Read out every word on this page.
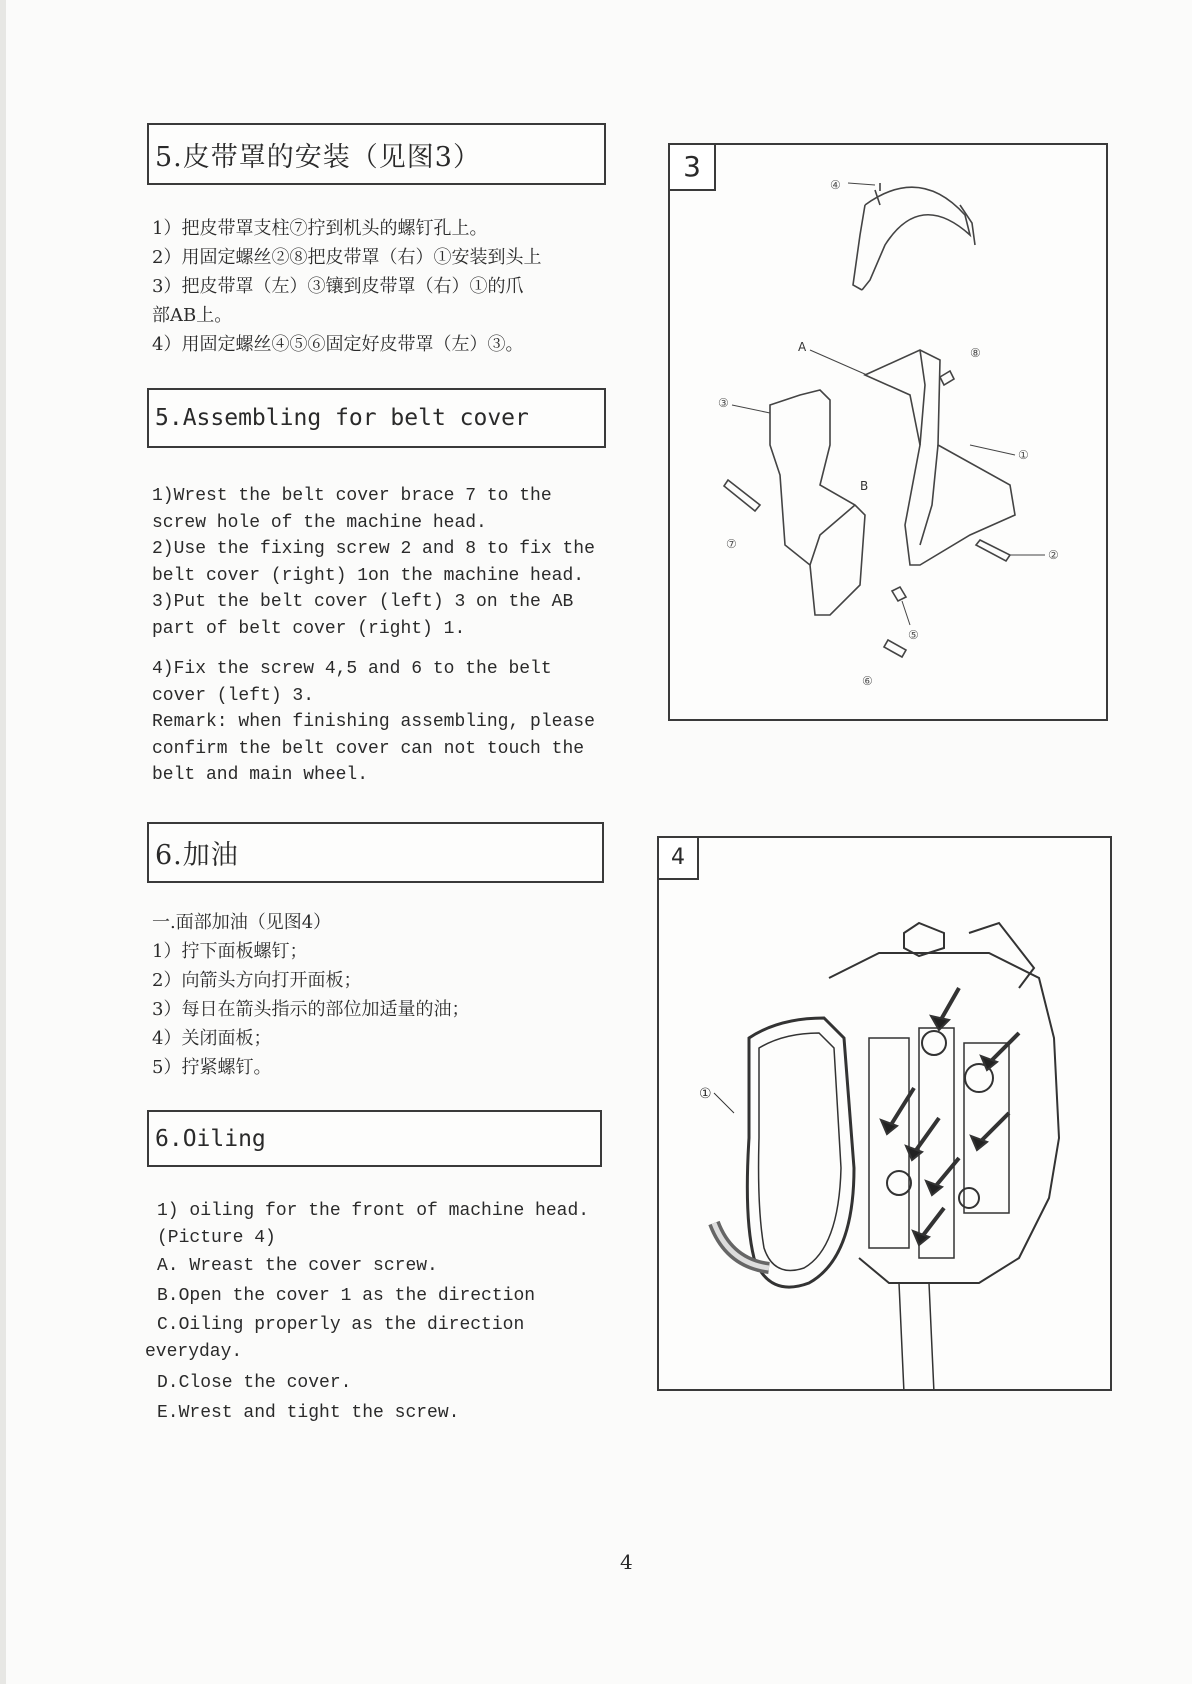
5.皮带罩的安装（见图3）
1）把皮带罩支柱⑦拧到机头的螺钉孔上。
2）用固定螺丝②⑧把皮带罩（右）①安装到头上
3）把皮带罩（左）③镶到皮带罩（右）①的爪
部AB上。
4）用固定螺丝④⑤⑥固定好皮带罩（左）③。
5.Assembling for belt cover
1)Wrest the belt cover brace 7 to the
screw hole of the machine head.
2)Use the fixing screw 2 and 8 to fix the
belt cover (right) 1on the machine head.
3)Put the belt cover (left) 3 on the AB
part of belt cover (right) 1.
4)Fix the screw 4,5 and 6 to the belt
cover (left) 3.
Remark: when finishing assembling, please
confirm the belt cover can not touch the
belt and main wheel.
6.加油
一.面部加油（见图4）
1）拧下面板螺钉；
2）向箭头方向打开面板；
3）每日在箭头指示的部位加适量的油；
4）关闭面板；
5）拧紧螺钉。
6.Oiling
1) oiling for the front of machine head.
(Picture 4)
A. Wreast the cover screw.
B.Open the cover 1 as the direction
C.Oiling properly as the direction
everyday.
D.Close the cover.
E.Wrest and tight the screw.
3
④
A	⑧
①
B
③
⑦
②
⑤
⑥
4
①
4
